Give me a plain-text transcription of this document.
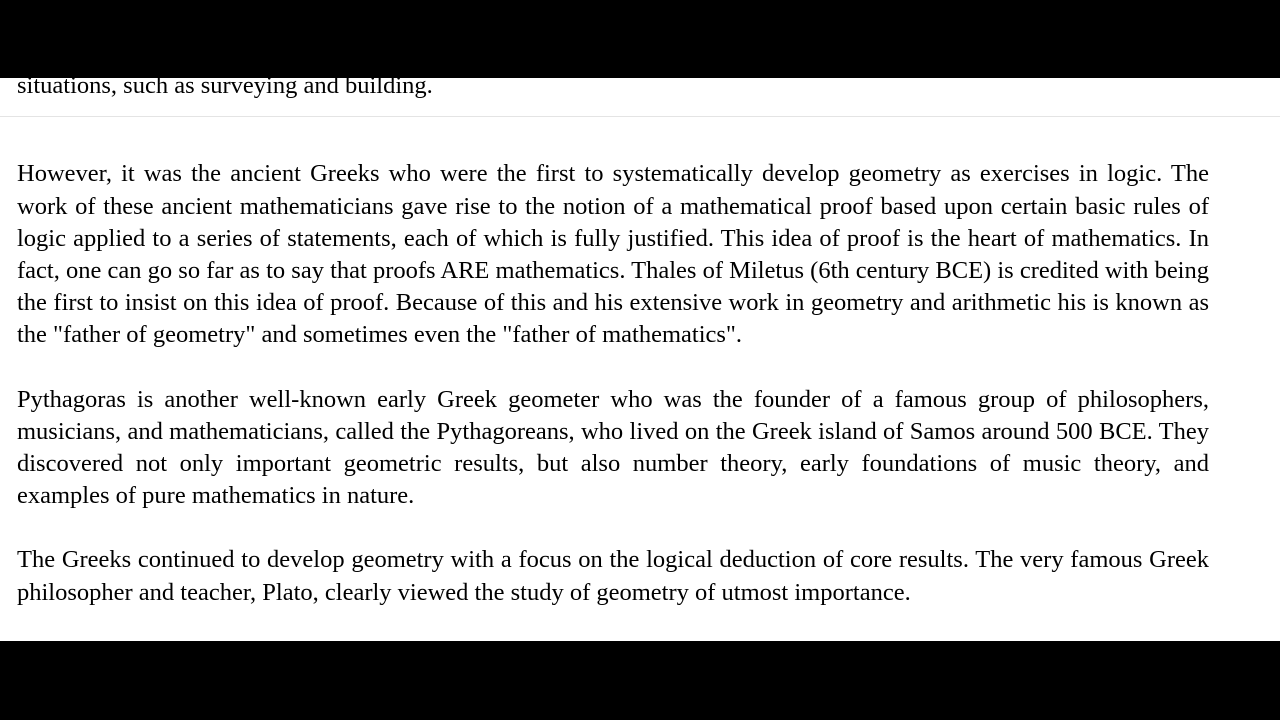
geometry, and they were skilled at applying geometric methods to practical real-world problem

situations, such as surveying and building.

However, it was the ancient Greeks who were the first to systematically develop geometry as exercises in logic. The work of these ancient mathematicians gave rise to the notion of a mathematical proof based upon certain basic rules of logic applied to a series of statements, each of which is fully justified. This idea of proof is the heart of mathematics. In fact, one can go so far as to say that proofs ARE mathematics. Thales of Miletus (6th century BCE) is credited with being the first to insist on this idea of proof. Because of this and his extensive work in geometry and arithmetic his is known as the "father of geometry" and sometimes even the "father of mathematics".

Pythagoras is another well-known early Greek geometer who was the founder of a famous group of philosophers, musicians, and mathematicians, called the Pythagoreans, who lived on the Greek island of Samos around 500 BCE. They discovered not only important geometric results, but also number theory, early foundations of music theory, and examples of pure mathematics in nature.

The Greeks continued to develop geometry with a focus on the logical deduction of core results. The very famous Greek philosopher and teacher, Plato, clearly viewed the study of geometry of utmost importance.
